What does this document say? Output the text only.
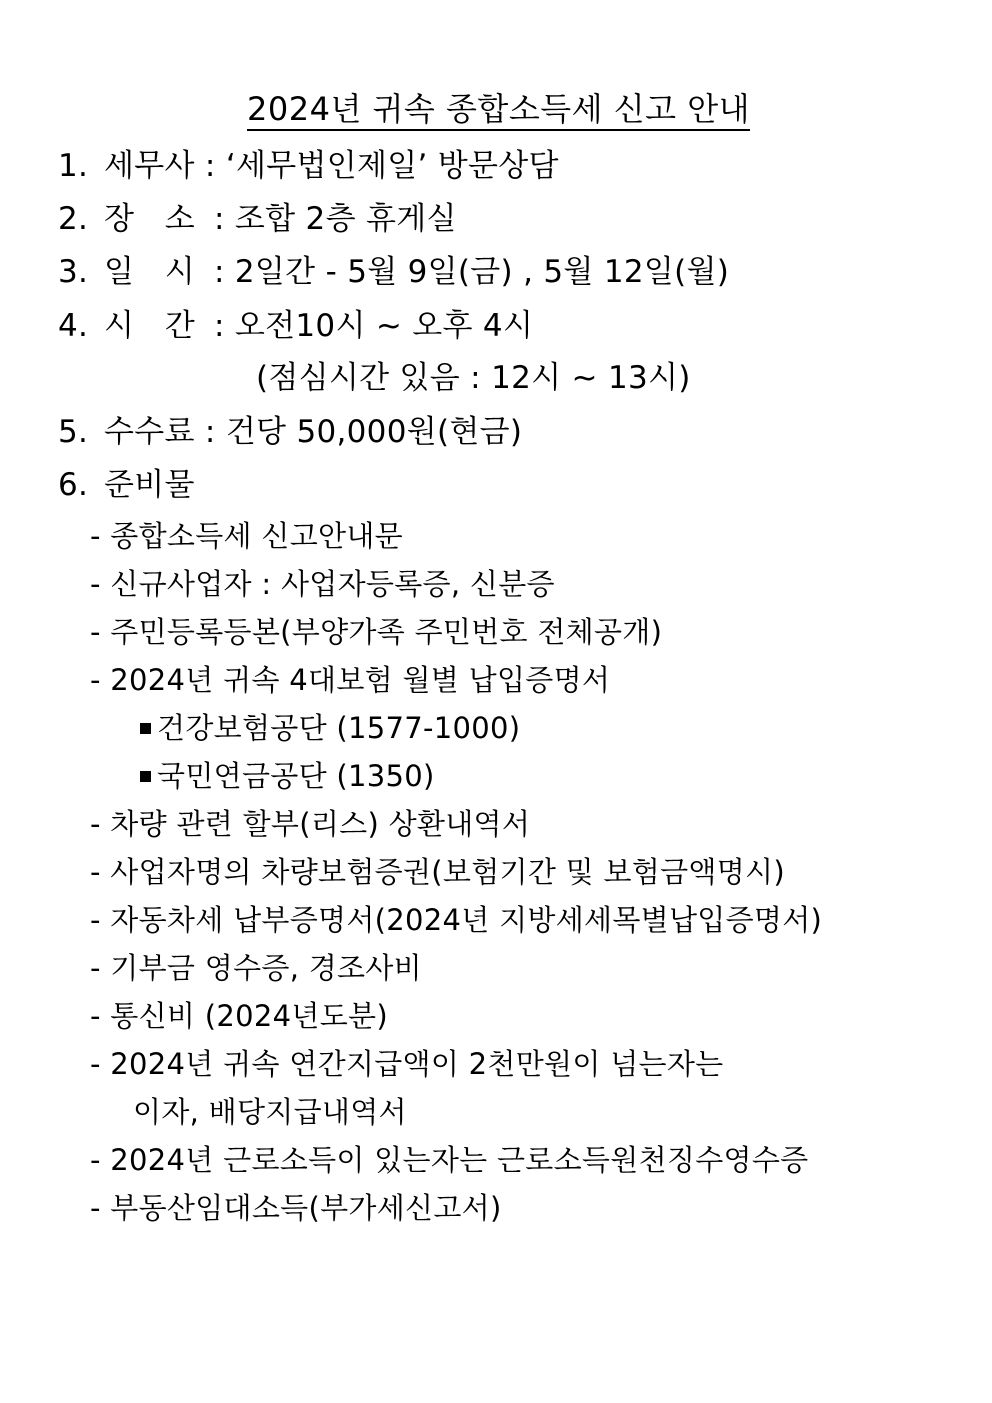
2024년 귀속 종합소득세 신고 안내
1. 세무사 : ‘세무법인제일’ 방문상담
2. 장   소 : 조합 2층 휴게실
3. 일   시 : 2일간 - 5월 9일(금) , 5월 12일(월)
4. 시   간 : 오전10시 ~ 오후 4시
(점심시간 있음 : 12시 ~ 13시)
5. 수수료 : 건당 50,000원(현금)
6. 준비물
- 종합소득세 신고안내문
- 신규사업자 : 사업자등록증, 신분증
- 주민등록등본(부양가족 주민번호 전체공개)
- 2024년 귀속 4대보험 월별 납입증명서
건강보험공단 (1577-1000)
국민연금공단 (1350)
- 차량 관련 할부(리스) 상환내역서
- 사업자명의 차량보험증권(보험기간 및 보험금액명시)
- 자동차세 납부증명서(2024년 지방세세목별납입증명서)
- 기부금 영수증, 경조사비
- 통신비 (2024년도분)
- 2024년 귀속 연간지급액이 2천만원이 넘는자는
이자, 배당지급내역서
- 2024년 근로소득이 있는자는 근로소득원천징수영수증
- 부동산임대소득(부가세신고서)
